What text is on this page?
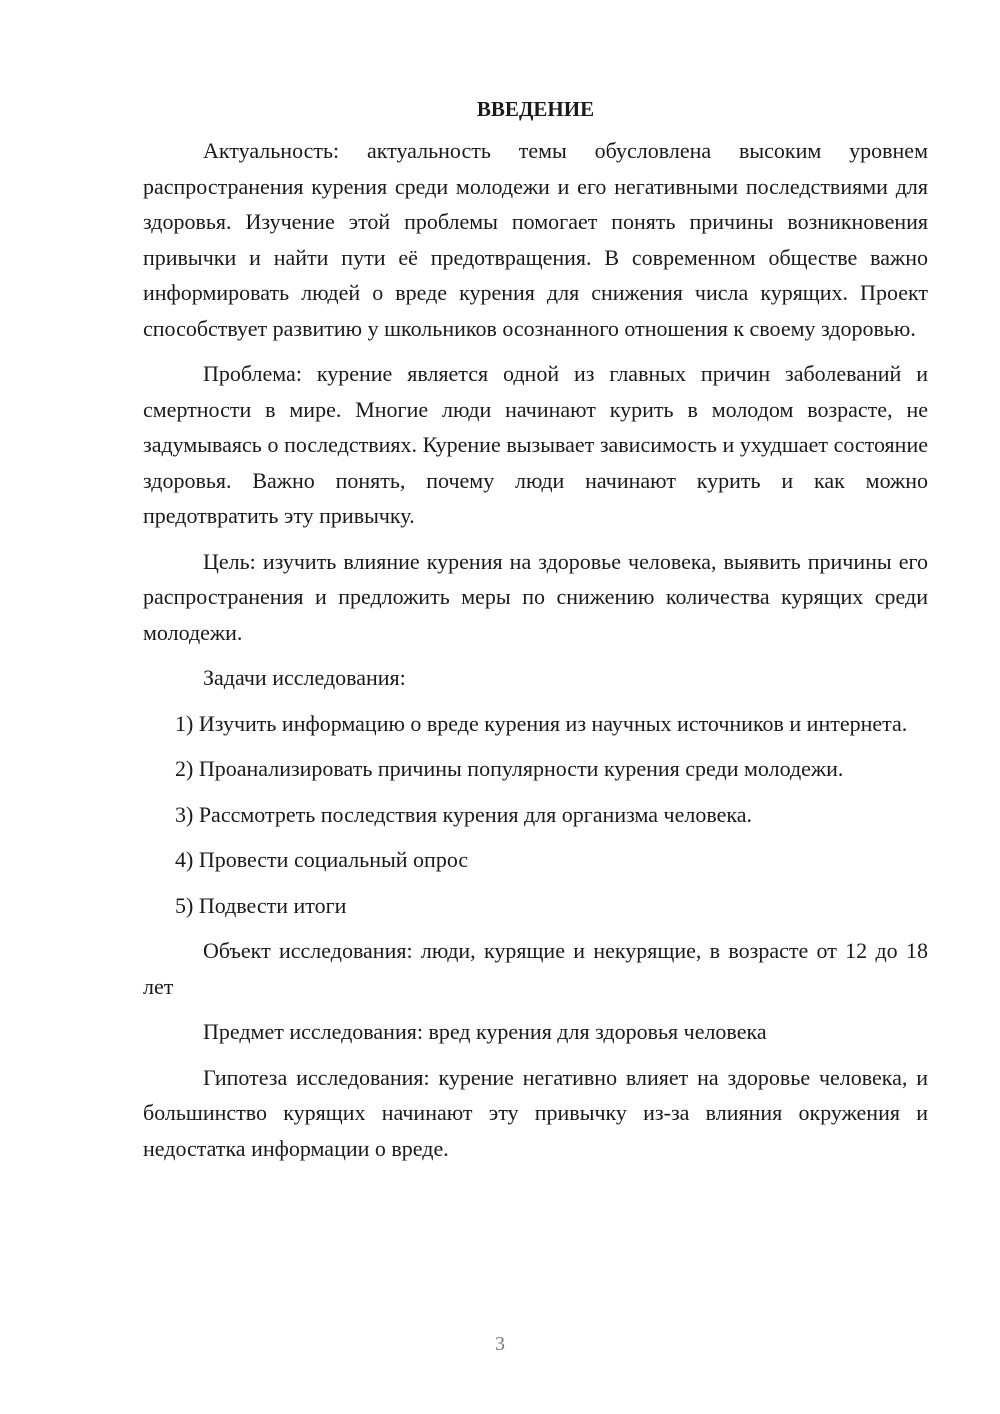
ВВЕДЕНИЕ

Актуальность: актуальность темы обусловлена высоким уровнем распространения курения среди молодежи и его негативными последствиями для здоровья. Изучение этой проблемы помогает понять причины возникновения привычки и найти пути её предотвращения. В современном обществе важно информировать людей о вреде курения для снижения числа курящих. Проект способствует развитию у школьников осознанного отношения к своему здоровью.

Проблема: курение является одной из главных причин заболеваний и смертности в мире. Многие люди начинают курить в молодом возрасте, не задумываясь о последствиях. Курение вызывает зависимость и ухудшает состояние здоровья. Важно понять, почему люди начинают курить и как можно предотвратить эту привычку.

Цель: изучить влияние курения на здоровье человека, выявить причины его распространения и предложить меры по снижению количества курящих среди молодежи.

Задачи исследования:

1) Изучить информацию о вреде курения из научных источников и интернета.

2) Проанализировать причины популярности курения среди молодежи.

3) Рассмотреть последствия курения для организма человека.

4) Провести социальный опрос

5) Подвести итоги

Объект исследования: люди, курящие и некурящие, в возрасте от 12 до 18 лет

Предмет исследования: вред курения для здоровья человека

Гипотеза исследования: курение негативно влияет на здоровье человека, и большинство курящих начинают эту привычку из-за влияния окружения и недостатка информации о вреде.

3
